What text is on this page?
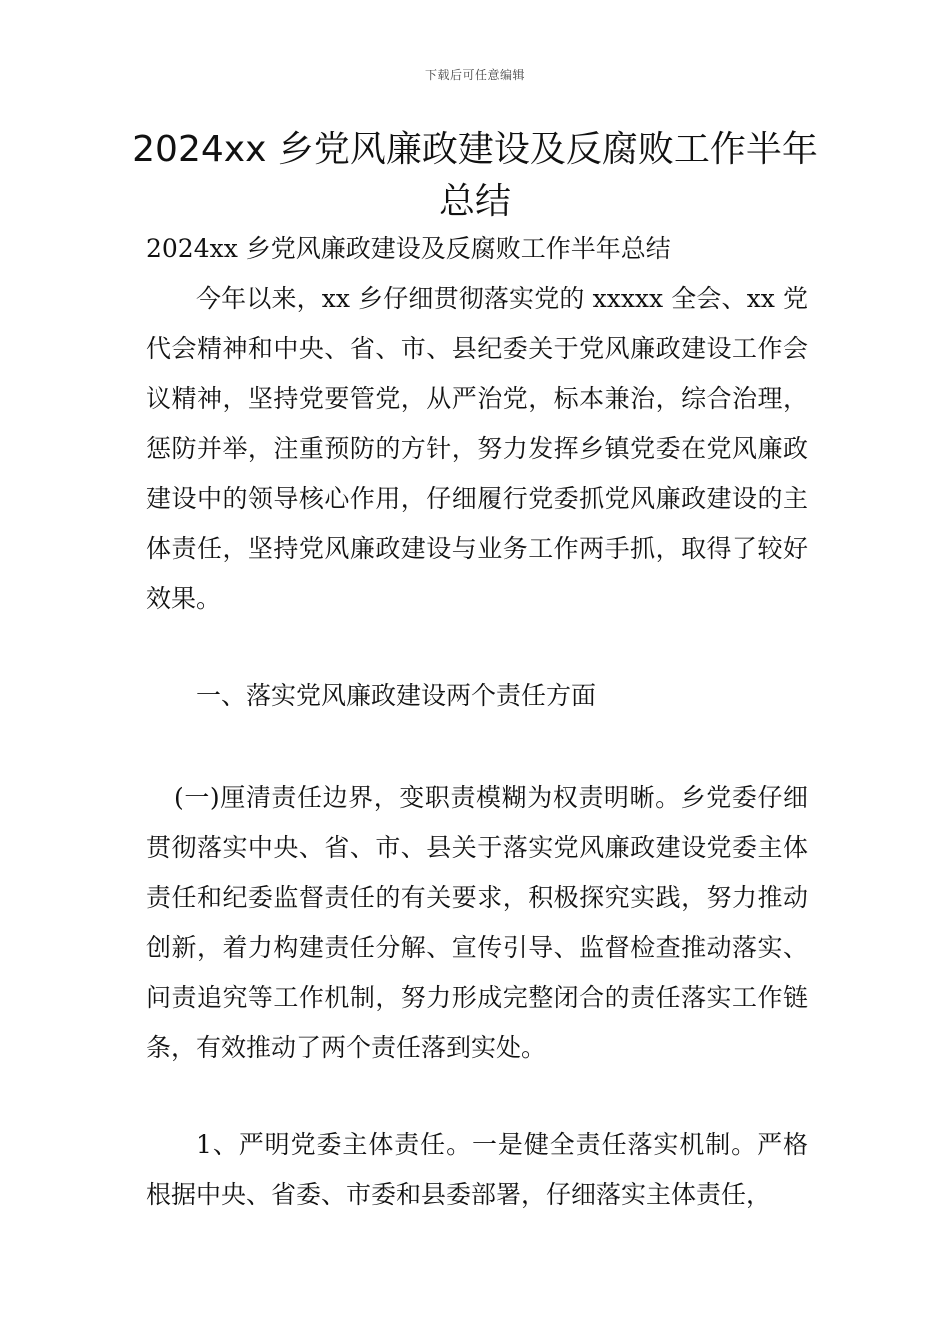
下载后可任意编辑
2024xx 乡党风廉政建设及反腐败工作半年总结

2024xx 乡党风廉政建设及反腐败工作半年总结

今年以来，xx 乡仔细贯彻落实党的 xxxxx 全会、xx 党代会精神和中央、省、市、县纪委关于党风廉政建设工作会议精神，坚持党要管党，从严治党，标本兼治，综合治理，惩防并举，注重预防的方针，努力发挥乡镇党委在党风廉政建设中的领导核心作用，仔细履行党委抓党风廉政建设的主体责任，坚持党风廉政建设与业务工作两手抓，取得了较好效果。

一、落实党风廉政建设两个责任方面

(一)厘清责任边界，变职责模糊为权责明晰。乡党委仔细贯彻落实中央、省、市、县关于落实党风廉政建设党委主体责任和纪委监督责任的有关要求，积极探究实践，努力推动创新，着力构建责任分解、宣传引导、监督检查推动落实、问责追究等工作机制，努力形成完整闭合的责任落实工作链条，有效推动了两个责任落到实处。

1、严明党委主体责任。一是健全责任落实机制。严格根据中央、省委、市委和县委部署，仔细落实主体责任，
